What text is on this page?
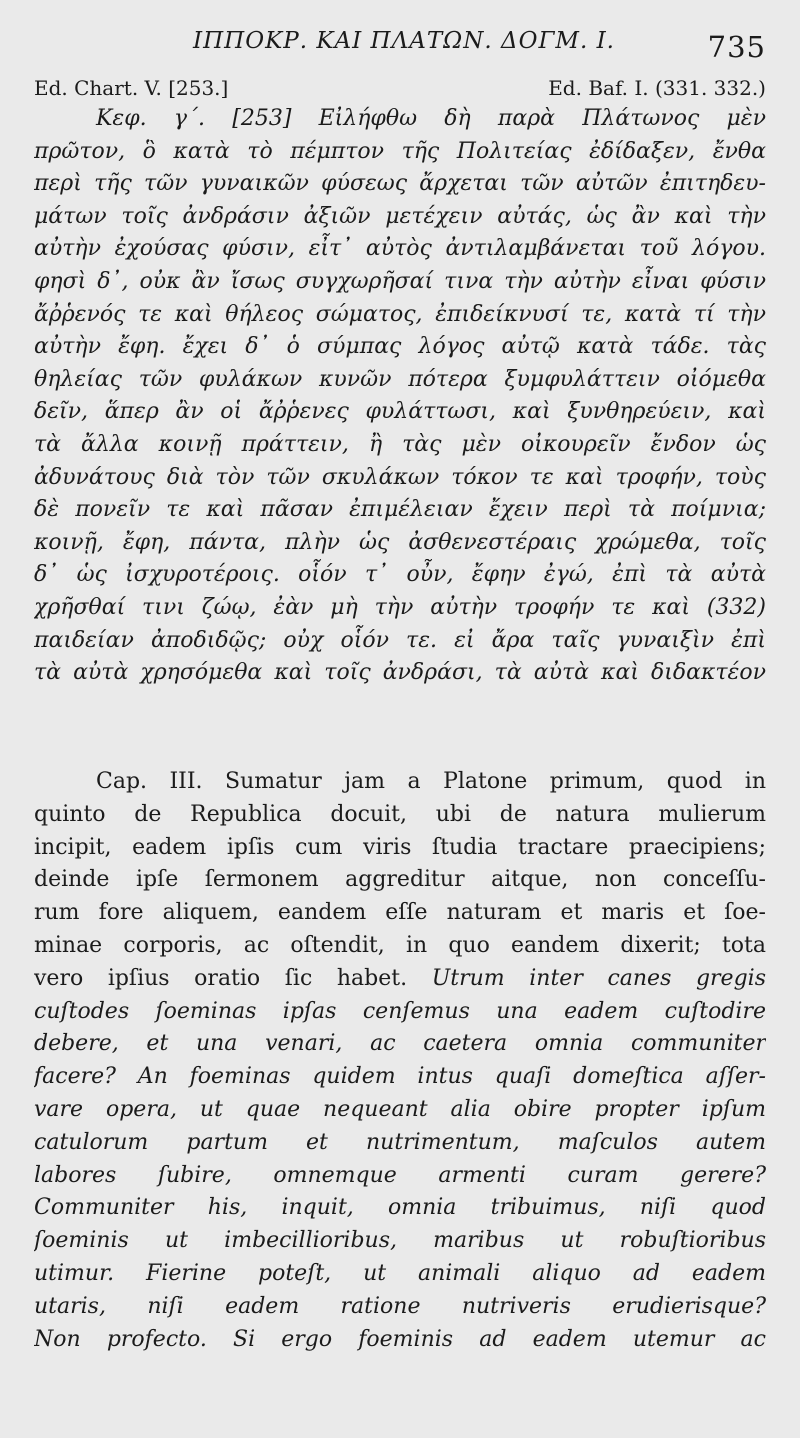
ΙΠΠΟΚΡ. ΚΑΙ ΠΛΑΤΩΝ. ΔΟΓΜ. Ι.	735
Ed. Chart. V. [253.]	Ed. Baf. I. (331. 332.)
Κεφ. γ΄. [253] Εἰλήφθω δὴ παρὰ Πλάτωνος μὲν
πρῶτον, ὃ κατὰ τὸ πέμπτον τῆς Πολιτείας ἐδίδαξεν, ἔνθα
περὶ τῆς τῶν γυναικῶν φύσεως ἄρχεται τῶν αὐτῶν ἐπιτηδευ-
μάτων τοῖς ἀνδράσιν ἀξιῶν μετέχειν αὐτάς, ὡς ἂν καὶ τὴν
αὐτὴν ἐχούσας φύσιν, εἶτ᾽ αὐτὸς ἀντιλαμβάνεται τοῦ λόγου.
φησὶ δ᾽, οὐκ ἂν ἴσως συγχωρῆσαί τινα τὴν αὐτὴν εἶναι φύσιν
ἄῤῥενός τε καὶ θήλεος σώματος, ἐπιδείκνυσί τε, κατὰ τί τὴν
αὐτὴν ἔφη. ἔχει δ᾽ ὁ σύμπας λόγος αὐτῷ κατὰ τάδε. τὰς
θηλείας τῶν φυλάκων κυνῶν πότερα ξυμφυλάττειν οἰόμεθα
δεῖν, ἅπερ ἂν οἱ ἄῤῥενες φυλάττωσι, καὶ ξυνθηρεύειν, καὶ
τὰ ἄλλα κοινῇ πράττειν, ἢ τὰς μὲν οἰκουρεῖν ἔνδον ὡς
ἀδυνάτους διὰ τὸν τῶν σκυλάκων τόκον τε καὶ τροφήν, τοὺς
δὲ πονεῖν τε καὶ πᾶσαν ἐπιμέλειαν ἔχειν περὶ τὰ ποίμνια;
κοινῇ, ἔφη, πάντα, πλὴν ὡς ἀσθενεστέραις χρώμεθα, τοῖς
δ᾽ ὡς ἰσχυροτέροις. οἷόν τ᾽ οὖν, ἔφην ἐγώ, ἐπὶ τὰ αὐτὰ
χρῆσθαί τινι ζώῳ, ἐὰν μὴ τὴν αὐτὴν τροφήν τε καὶ (332)
παιδείαν ἀποδιδῷς; οὐχ οἷόν τε. εἰ ἄρα ταῖς γυναιξὶν ἐπὶ
τὰ αὐτὰ χρησόμεθα καὶ τοῖς ἀνδράσι, τὰ αὐτὰ καὶ διδακτέον
Cap. III. Sumatur jam a Platone primum, quod in
quinto de Republica docuit, ubi de natura mulierum
incipit, eadem ipſis cum viris ſtudia tractare praecipiens;
deinde ipſe ſermonem aggreditur aitque, non conceſſu-
rum fore aliquem, eandem eſſe naturam et maris et ſoe-
minae corporis, ac oſtendit, in quo eandem dixerit; tota
vero ipſius oratio ſic habet. Utrum inter canes gregis
cuſtodes ſoeminas ipſas cenſemus una eadem cuſtodire
debere, et una venari, ac caetera omnia communiter
facere? An foeminas quidem intus quaſi domeſtica aſſer-
vare opera, ut quae nequeant alia obire propter ipſum
catulorum partum et nutrimentum, maſculos autem
labores ſubire, omnemque armenti curam gerere?
Communiter his, inquit, omnia tribuimus, niſi quod
ſoeminis ut imbecillioribus, maribus ut robuſtioribus
utimur. Fierine poteſt, ut animali aliquo ad eadem
utaris, niſi eadem ratione nutriveris erudierisque?
Non profecto. Si ergo foeminis ad eadem utemur ac
